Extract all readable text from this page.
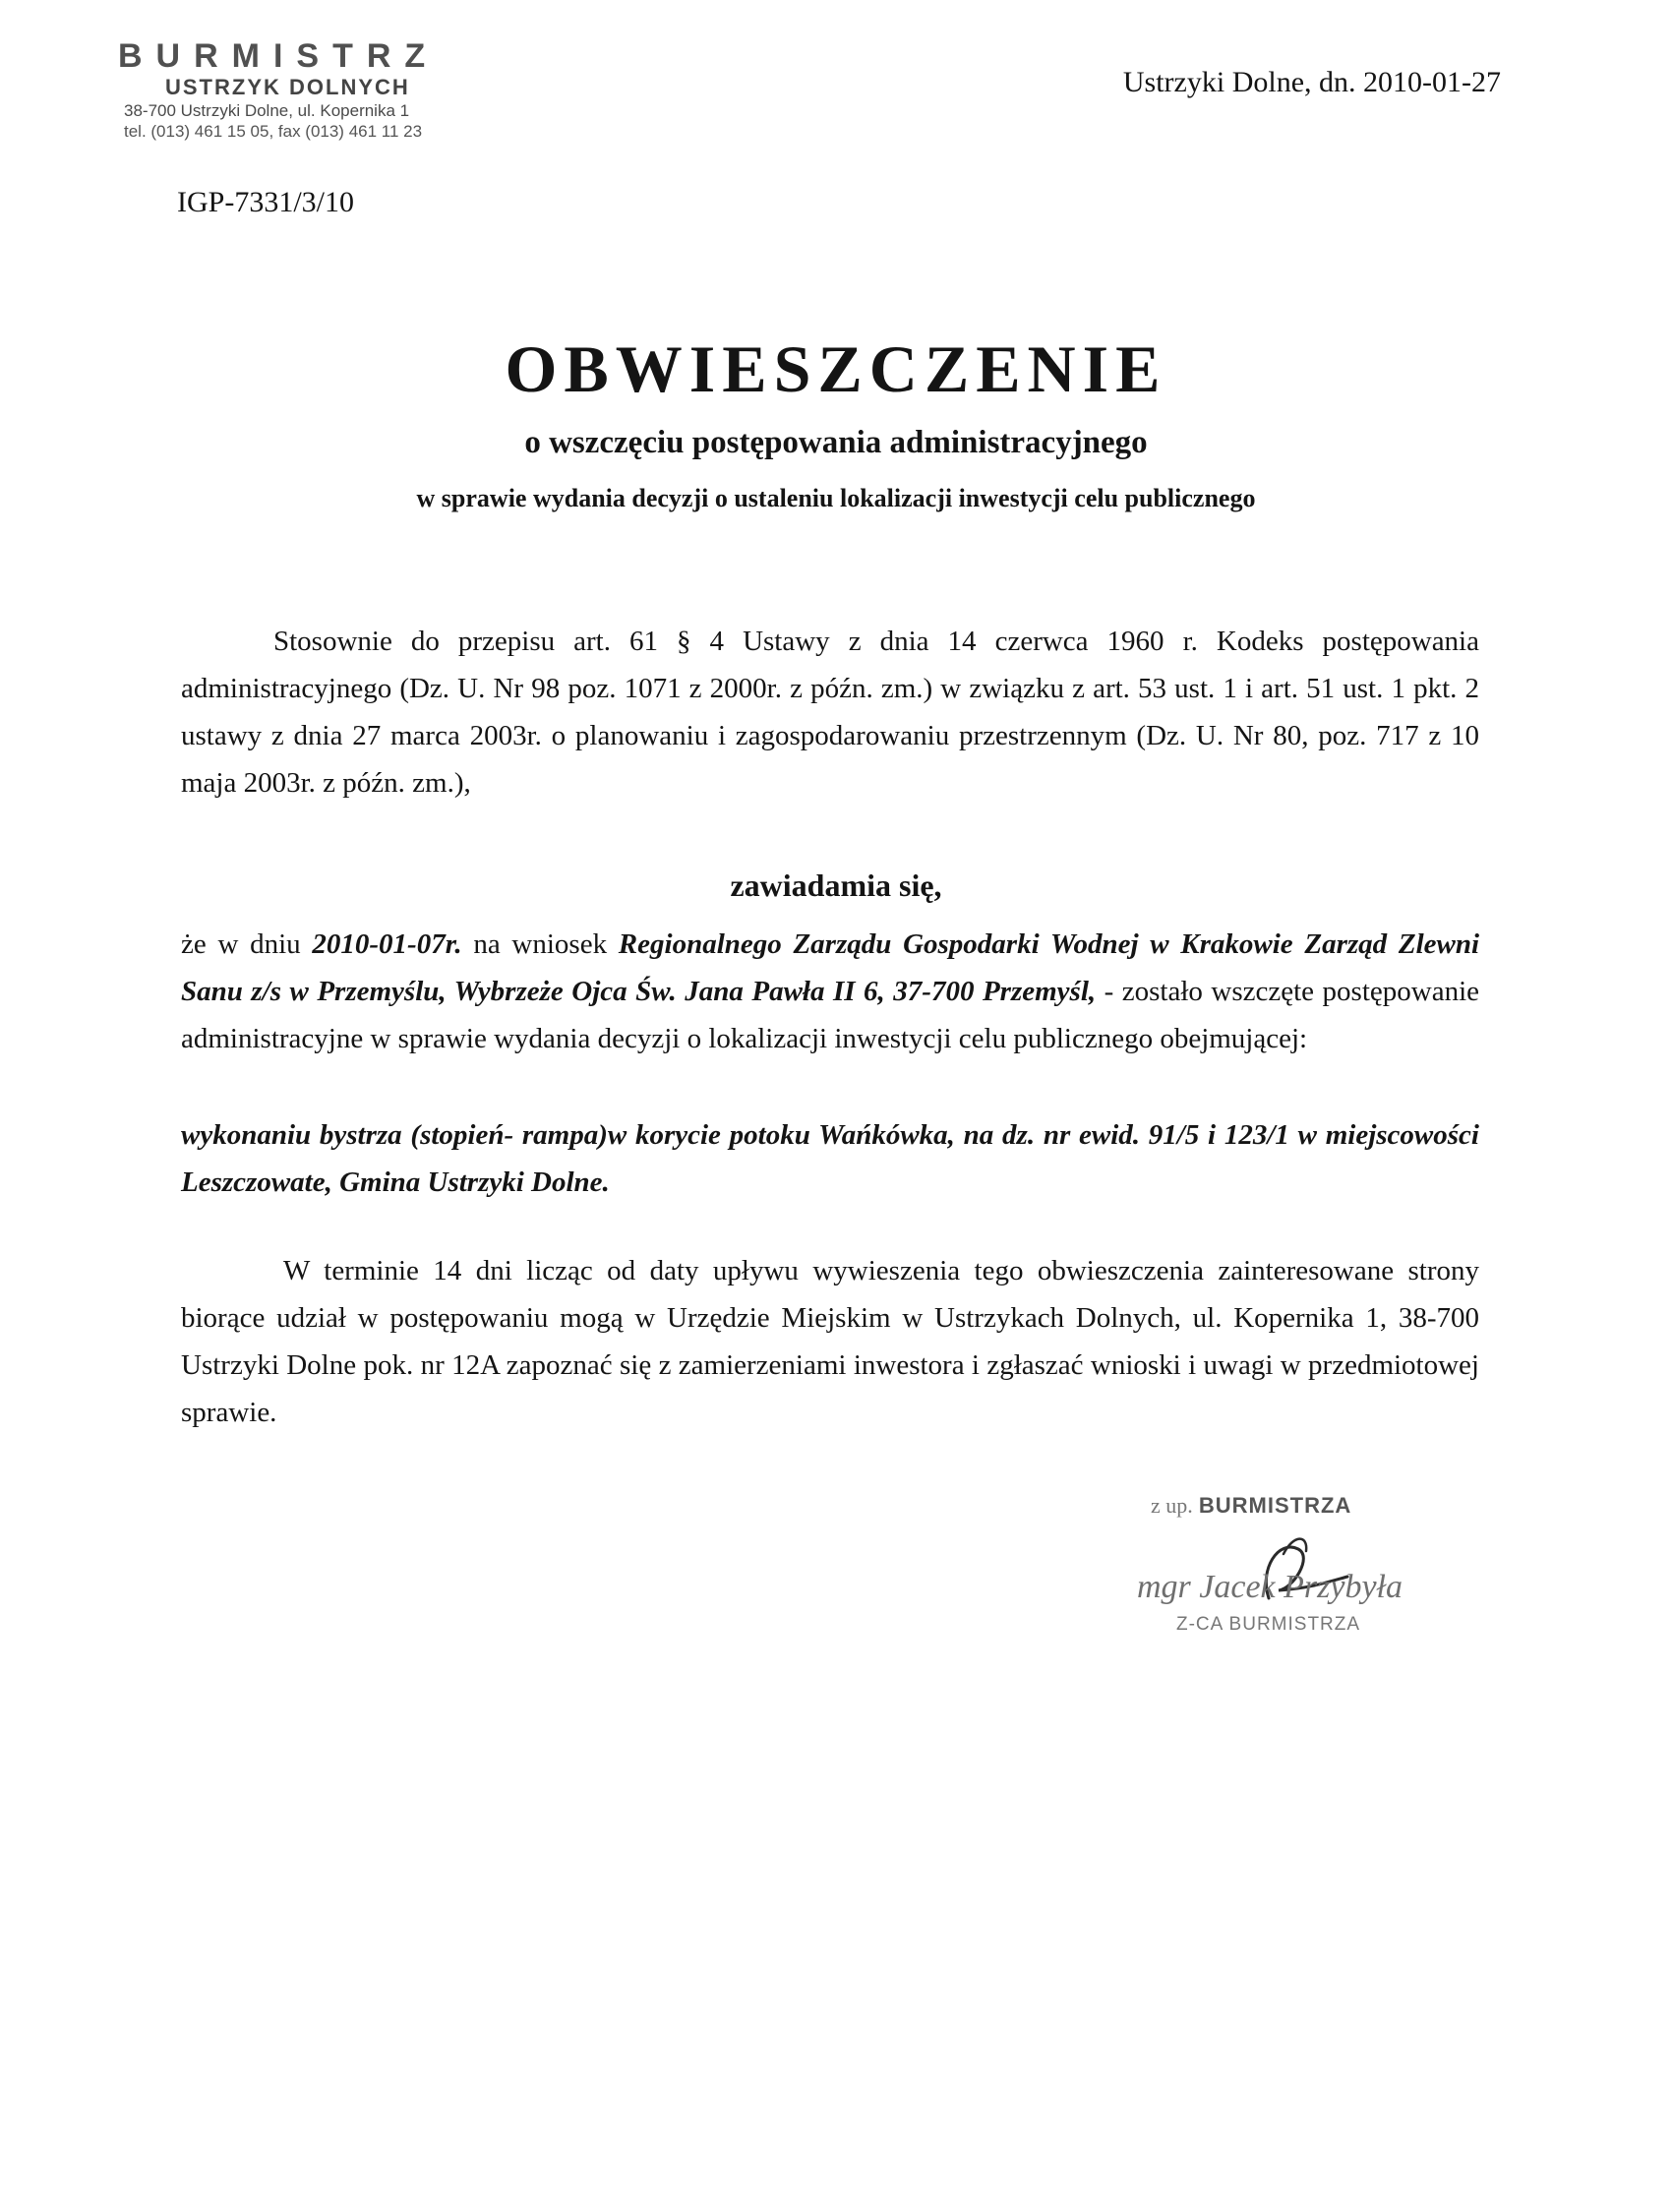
BURMISTRZ
USTRZYK DOLNYCH
38-700 Ustrzyki Dolne, ul. Kopernika 1
tel. (013) 461 15 05, fax (013) 461 11 23
Ustrzyki Dolne, dn. 2010-01-27
IGP-7331/3/10
OBWIESZCZENIE
o wszczęciu postępowania administracyjnego
w sprawie wydania decyzji o ustaleniu lokalizacji inwestycji celu publicznego
Stosownie do przepisu art. 61 § 4 Ustawy z dnia 14 czerwca 1960 r. Kodeks postępowania administracyjnego (Dz. U. Nr 98 poz. 1071 z 2000r. z późn. zm.) w związku z art. 53 ust. 1 i art. 51 ust. 1 pkt. 2 ustawy z dnia 27 marca 2003r. o planowaniu i zagospodarowaniu przestrzennym (Dz. U. Nr 80, poz. 717 z 10 maja 2003r. z późn. zm.),
zawiadamia się,
że w dniu 2010-01-07r. na wniosek Regionalnego Zarządu Gospodarki Wodnej w Krakowie Zarząd Zlewni Sanu z/s w Przemyślu, Wybrzeże Ojca Św. Jana Pawła II 6, 37-700 Przemyśl, - zostało wszczęte postępowanie administracyjne w sprawie wydania decyzji o lokalizacji inwestycji celu publicznego obejmującej:
wykonaniu bystrza (stopień- rampa)w korycie potoku Wańkówka, na dz. nr ewid. 91/5 i 123/1 w miejscowości Leszczowate, Gmina Ustrzyki Dolne.
W terminie 14 dni licząc od daty upływu wywieszenia tego obwieszczenia zainteresowane strony biorące udział w postępowaniu mogą w Urzędzie Miejskim w Ustrzykach Dolnych, ul. Kopernika 1, 38-700 Ustrzyki Dolne pok. nr 12A zapoznać się z zamierzeniami inwestora i zgłaszać wnioski i uwagi w przedmiotowej sprawie.
z up. BURMISTRZA
mgr Jacek Przybyła
Z-CA BURMISTRZA
